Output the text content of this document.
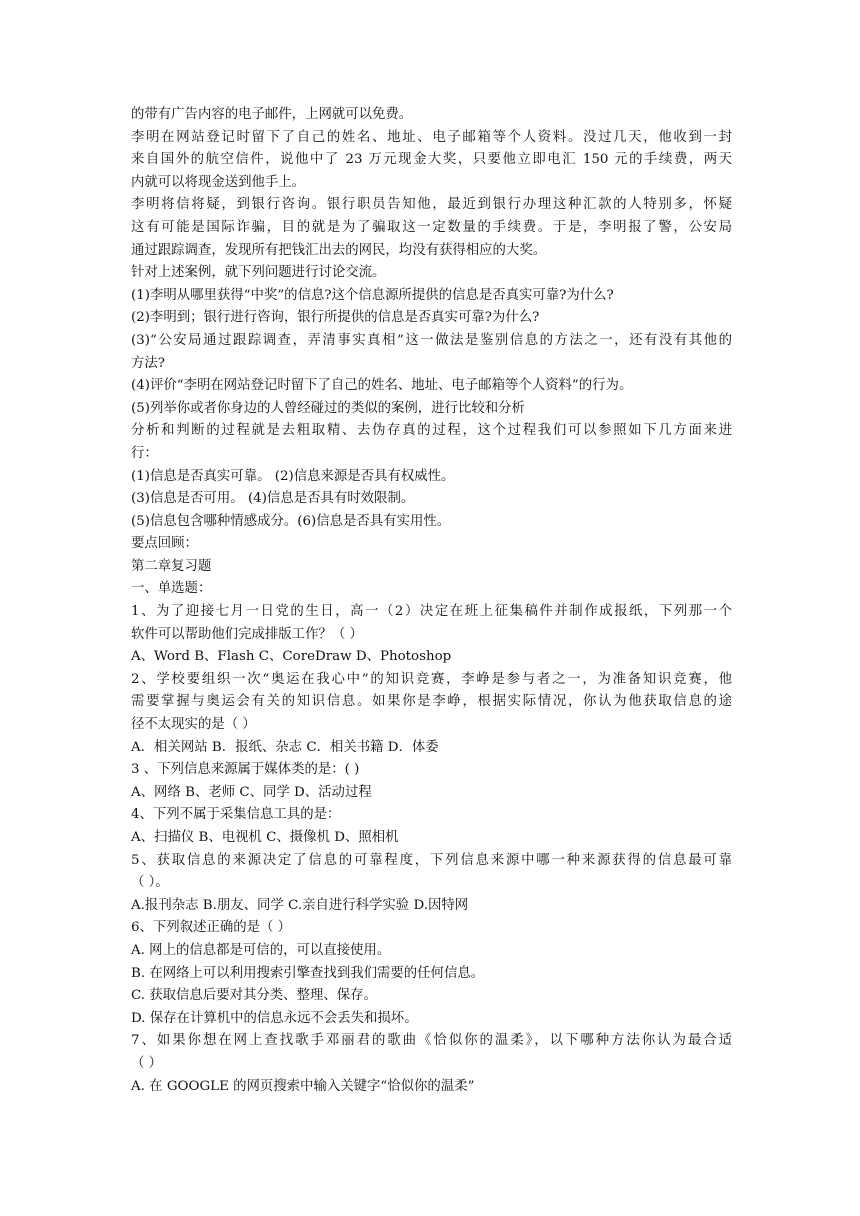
的带有广告内容的电子邮件，上网就可以免费。
李明在网站登记时留下了自己的姓名、地址、电子邮箱等个人资料。没过几天，他收到一封
来自国外的航空信件，说他中了 23 万元现金大奖，只要他立即电汇 150 元的手续费，两天
内就可以将现金送到他手上。
李明将信将疑，到银行咨询。银行职员告知他，最近到银行办理这种汇款的人特别多，怀疑
这有可能是国际诈骗，目的就是为了骗取这一定数量的手续费。于是，李明报了警，公安局
通过跟踪调查，发现所有把钱汇出去的网民，均没有获得相应的大奖。
针对上述案例，就下列问题进行讨论交流。
(1)李明从哪里获得“中奖”的信息?这个信息源所提供的信息是否真实可靠?为什么?
(2)李明到；银行进行咨询，银行所提供的信息是否真实可靠?为什么?
(3)“公安局通过跟踪调查，弄清事实真相”这一做法是鉴别信息的方法之一，还有没有其他的
方法?
(4)评价“李明在网站登记时留下了自己的姓名、地址、电子邮箱等个人资料”的行为。
(5)列举你或者你身边的人曾经碰过的类似的案例，进行比较和分析
分析和判断的过程就是去粗取精、去伪存真的过程，这个过程我们可以参照如下几方面来进
行：
(1)信息是否真实可靠。 (2)信息来源是否具有权威性。
(3)信息是否可用。 (4)信息是否具有时效限制。
(5)信息包含哪种情感成分。(6)信息是否具有实用性。
要点回顾：
第二章复习题
一、单选题：
1、为了迎接七月一日党的生日，高一（2）决定在班上征集稿件并制作成报纸，下列那一个
软件可以帮助他们完成排版工作？（ ）
A、Word B、Flash C、CoreDraw D、Photoshop
2、学校要组织一次“奥运在我心中”的知识竞赛，李峥是参与者之一，为准备知识竞赛，他
需要掌握与奥运会有关的知识信息。如果你是李峥，根据实际情况，你认为他获取信息的途
径不太现实的是（ ）
A．相关网站 B．报纸、杂志 C．相关书籍 D．体委
3 、下列信息来源属于媒体类的是：( )
A、网络 B、老师 C、同学 D、活动过程
4、下列不属于采集信息工具的是：
A、扫描仪 B、电视机 C、摄像机 D、照相机
5、获取信息的来源决定了信息的可靠程度，下列信息来源中哪一种来源获得的信息最可靠
（ ）。
A.报刊杂志 B.朋友、同学 C.亲自进行科学实验 D.因特网
6、下列叙述正确的是（ ）
A. 网上的信息都是可信的，可以直接使用。
B. 在网络上可以利用搜索引擎查找到我们需要的任何信息。
C. 获取信息后要对其分类、整理、保存。
D. 保存在计算机中的信息永远不会丢失和损坏。
7、如果你想在网上查找歌手邓丽君的歌曲《恰似你的温柔》，以下哪种方法你认为最合适
（ ）
A. 在 GOOGLE 的网页搜索中输入关键字“恰似你的温柔”
